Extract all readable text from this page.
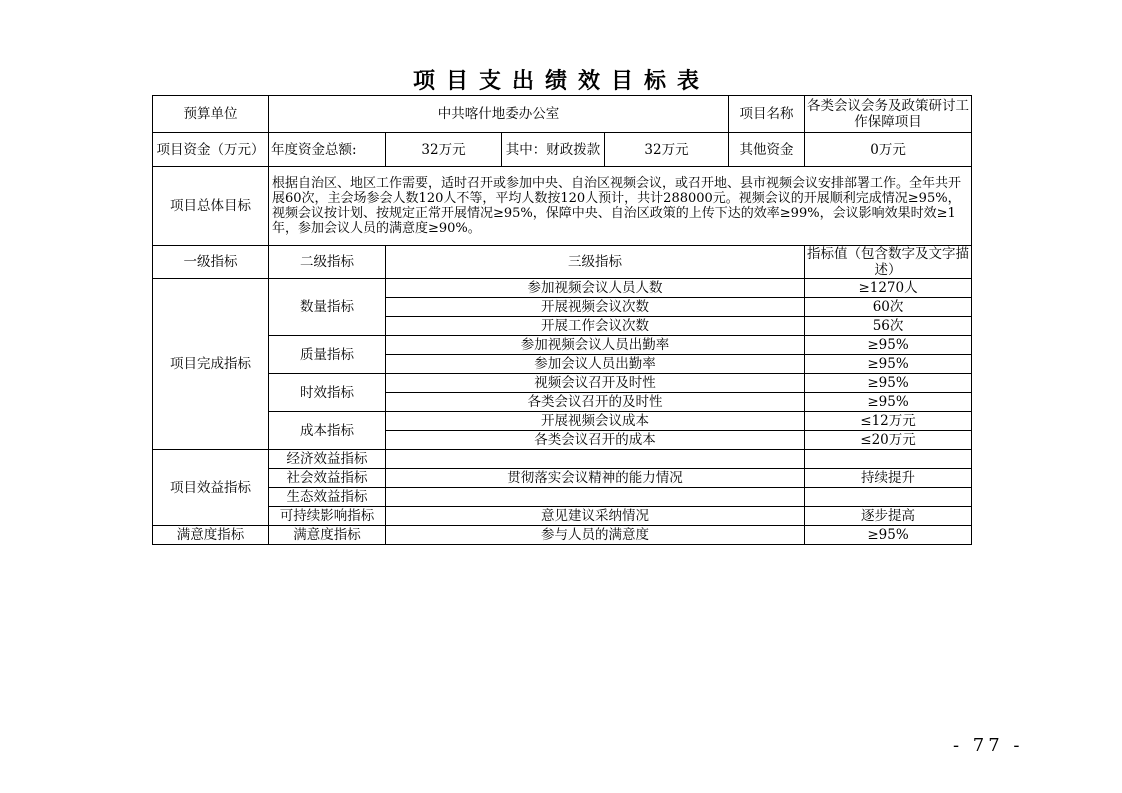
项目支出绩效目标表
预算单位	中共喀什地委办公室			项目名称	各类会议会务及政策研讨工作保障项目
项目资金（万元）	年度资金总额:	32万元	其中：财政拨款 32万元	其他资金	0万元
项目总体目标	根据自治区、地区工作需要，适时召开或参加中央、自治区视频会议，或召开地、县市视频会议安排部署工作。全年共开展60次，主会场参会人数120人不等，平均人数按120人预计，共计288000元。视频会议的开展顺利完成情况≥95%，视频会议按计划、按规定正常开展情况≥95%，保障中央、自治区政策的上传下达的效率≥99%，会议影响效果时效≥1年，参加会议人员的满意度≥90%。				
一级指标	二级指标	三级指标			指标值（包含数字及文字描述）
项目完成指标	数量指标	参加视频会议人员人数			≥1270人
		开展视频会议次数			60次
		开展工作会议次数			56次
	质量指标	参加视频会议人员出勤率			≥95%
		参加会议人员出勤率			≥95%
	时效指标	视频会议召开及时性			≥95%
		各类会议召开的及时性			≥95%
	成本指标	开展视频会议成本			≤12万元
		各类会议召开的成本			≤20万元
项目效益指标	经济效益指标				
	社会效益指标	贯彻落实会议精神的能力情况			持续提升
	生态效益指标				
	可持续影响指标	意见建议采纳情况			逐步提高
满意度指标	满意度指标	参与人员的满意度			≥95%
- 77 -
